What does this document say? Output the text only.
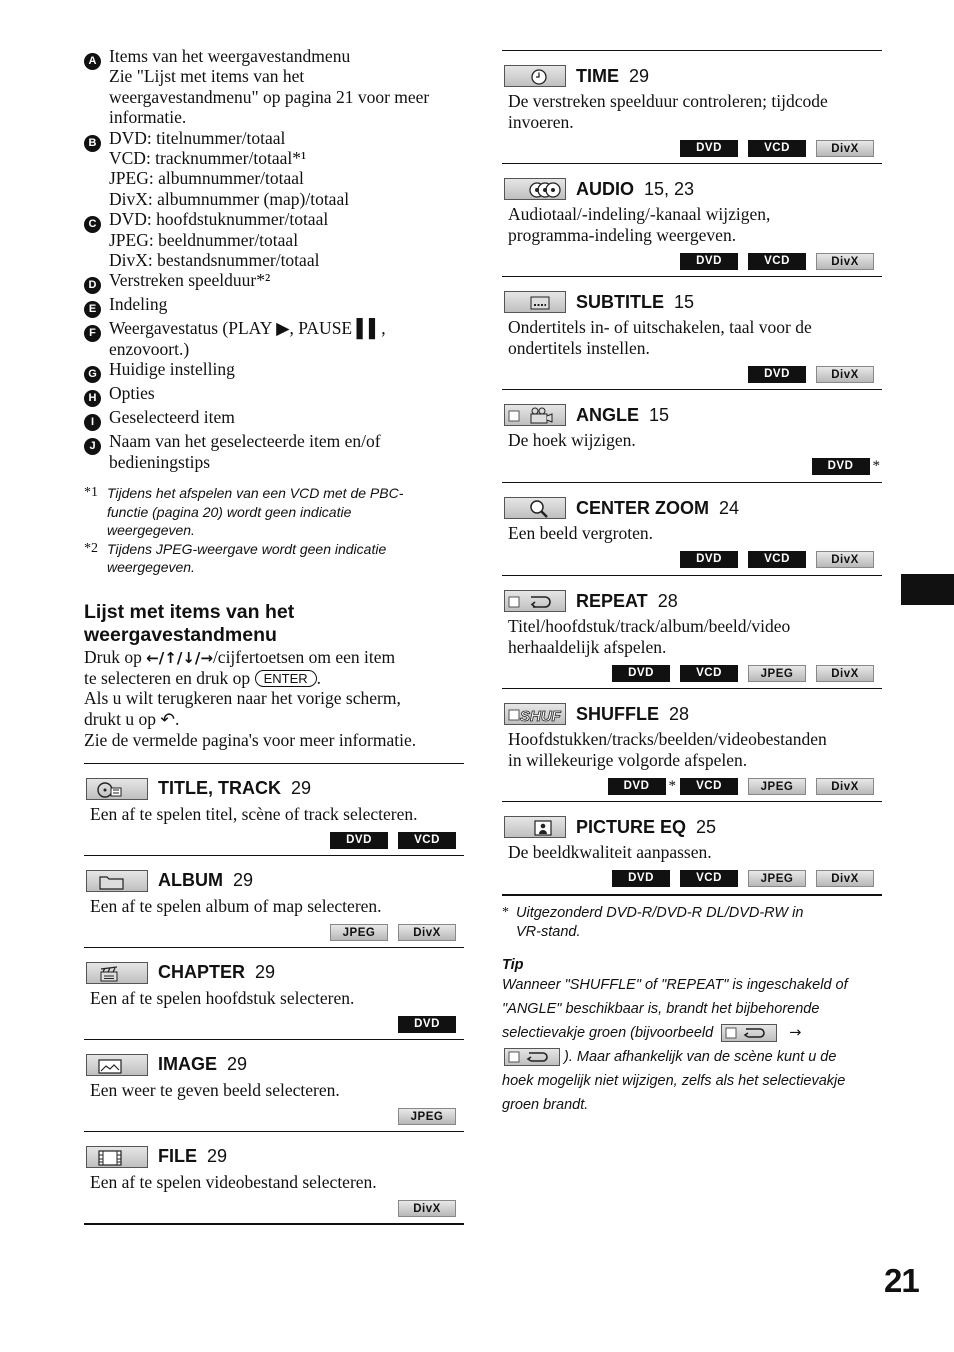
A Items van het weergavestandmenu
Zie "Lijst met items van het
weergavestandmenu" op pagina 21 voor meer
informatie.
B DVD: titelnummer/totaal
VCD: tracknummer/totaal*¹
JPEG: albumnummer/totaal
DivX: albumnummer (map)/totaal
C DVD: hoofdstuknummer/totaal
JPEG: beeldnummer/totaal
DivX: bestandsnummer/totaal
D Verstreken speelduur*²
E Indeling
F Weergavestatus (PLAY ▶, PAUSE ▌▌,
enzovoort.)
G Huidige instelling
H Opties
I Geselecteerd item
J Naam van het geselecteerde item en/of
bedieningstips
*1 Tijdens het afspelen van een VCD met de PBC-
functie (pagina 20) wordt geen indicatie
weergegeven.
*2 Tijdens JPEG-weergave wordt geen indicatie
weergegeven.
Lijst met items van het
weergavestandmenu
Druk op ←/↑/↓/→/cijfertoetsen om een item
te selecteren en druk op ENTER .
Als u wilt terugkeren naar het vorige scherm,
drukt u op ↶.
Zie de vermelde pagina's voor meer informatie.
TITLE, TRACK 29
Een af te spelen titel, scène of track selecteren.
DVD	VCD
ALBUM 29
Een af te spelen album of map selecteren.
JPEG	DivX
CHAPTER 29
Een af te spelen hoofdstuk selecteren.
DVD
IMAGE 29
Een weer te geven beeld selecteren.
JPEG
FILE 29
Een af te spelen videobestand selecteren.
DivX
TIME 29
De verstreken speelduur controleren; tijdcode
invoeren.
DVD	VCD	DivX
AUDIO 15, 23
Audiotaal/-indeling/-kanaal wijzigen,
programma-indeling weergeven.
DVD	VCD	DivX
SUBTITLE 15
Ondertitels in- of uitschakelen, taal voor de
ondertitels instellen.
DVD	DivX
ANGLE 15
De hoek wijzigen.
DVD	*
CENTER ZOOM 24
Een beeld vergroten.
DVD	VCD	DivX
REPEAT 28
Titel/hoofdstuk/track/album/beeld/video
herhaaldelijk afspelen.
DVD	VCD	JPEG	DivX
SHUF SHUFFLE 28
Hoofdstukken/tracks/beelden/videobestanden
in willekeurige volgorde afspelen.
DVD	*	VCD	JPEG	DivX
PICTURE EQ 25
De beeldkwaliteit aanpassen.
DVD	VCD	JPEG	DivX
* Uitgezonderd DVD-R/DVD-R DL/DVD-RW in
VR-stand.
Tip
Wanneer "SHUFFLE" of "REPEAT" is ingeschakeld of
"ANGLE" beschikbaar is, brandt het bijbehorende
selectievakje groen (bijvoorbeeld	→
). Maar afhankelijk van de scène kunt u de
hoek mogelijk niet wijzigen, zelfs als het selectievakje
groen brandt.
21
